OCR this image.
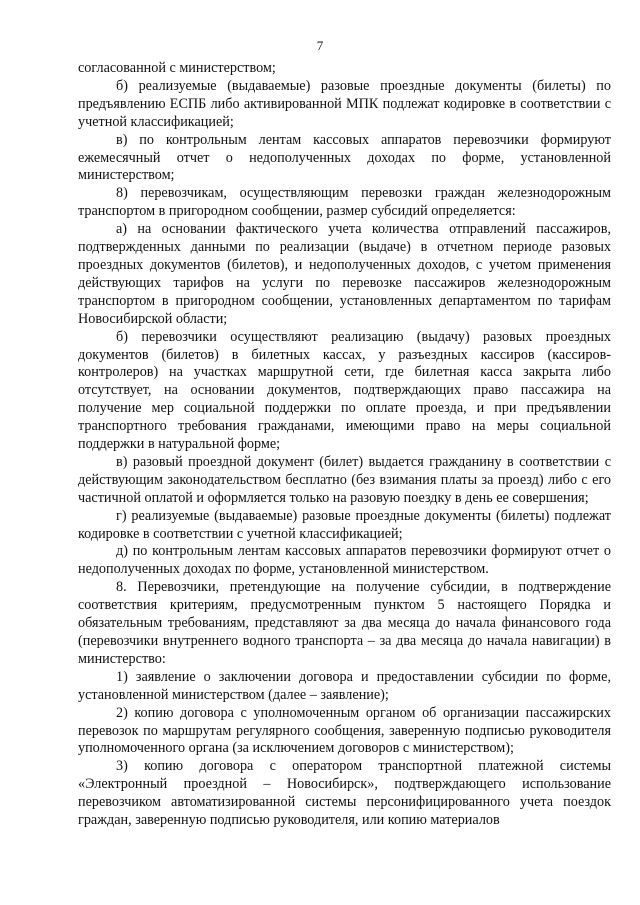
7

согласованной с министерством;

б) реализуемые (выдаваемые) разовые проездные документы (билеты) по предъявлению ЕСПБ либо активированной МПК подлежат кодировке в соответствии с учетной классификацией;

в) по контрольным лентам кассовых аппаратов перевозчики формируют ежемесячный отчет о недополученных доходах по форме, установленной министерством;

8) перевозчикам, осуществляющим перевозки граждан железнодорожным транспортом в пригородном сообщении, размер субсидий определяется:

а) на основании фактического учета количества отправлений пассажиров, подтвержденных данными по реализации (выдаче) в отчетном периоде разовых проездных документов (билетов), и недополученных доходов, с учетом применения действующих тарифов на услуги по перевозке пассажиров железнодорожным транспортом в пригородном сообщении, установленных департаментом по тарифам Новосибирской области;

б) перевозчики осуществляют реализацию (выдачу) разовых проездных документов (билетов) в билетных кассах, у разъездных кассиров (кассиров-контролеров) на участках маршрутной сети, где билетная касса закрыта либо отсутствует, на основании документов, подтверждающих право пассажира на получение мер социальной поддержки по оплате проезда, и при предъявлении транспортного требования гражданами, имеющими право на меры социальной поддержки в натуральной форме;

в) разовый проездной документ (билет) выдается гражданину в соответствии с действующим законодательством бесплатно (без взимания платы за проезд) либо с его частичной оплатой и оформляется только на разовую поездку в день ее совершения;

г) реализуемые (выдаваемые) разовые проездные документы (билеты) подлежат кодировке в соответствии с учетной классификацией;

д) по контрольным лентам кассовых аппаратов перевозчики формируют отчет о недополученных доходах по форме, установленной министерством.

8. Перевозчики, претендующие на получение субсидии, в подтверждение соответствия критериям, предусмотренным пунктом 5 настоящего Порядка и обязательным требованиям, представляют за два месяца до начала финансового года (перевозчики внутреннего водного транспорта – за два месяца до начала навигации) в министерство:

1) заявление о заключении договора и предоставлении субсидии по форме, установленной министерством (далее – заявление);

2) копию договора с уполномоченным органом об организации пассажирских перевозок по маршрутам регулярного сообщения, заверенную подписью руководителя уполномоченного органа (за исключением договоров с министерством);

3) копию договора с оператором транспортной платежной системы «Электронный проездной – Новосибирск», подтверждающего использование перевозчиком автоматизированной системы персонифицированного учета поездок граждан, заверенную подписью руководителя, или копию материалов
